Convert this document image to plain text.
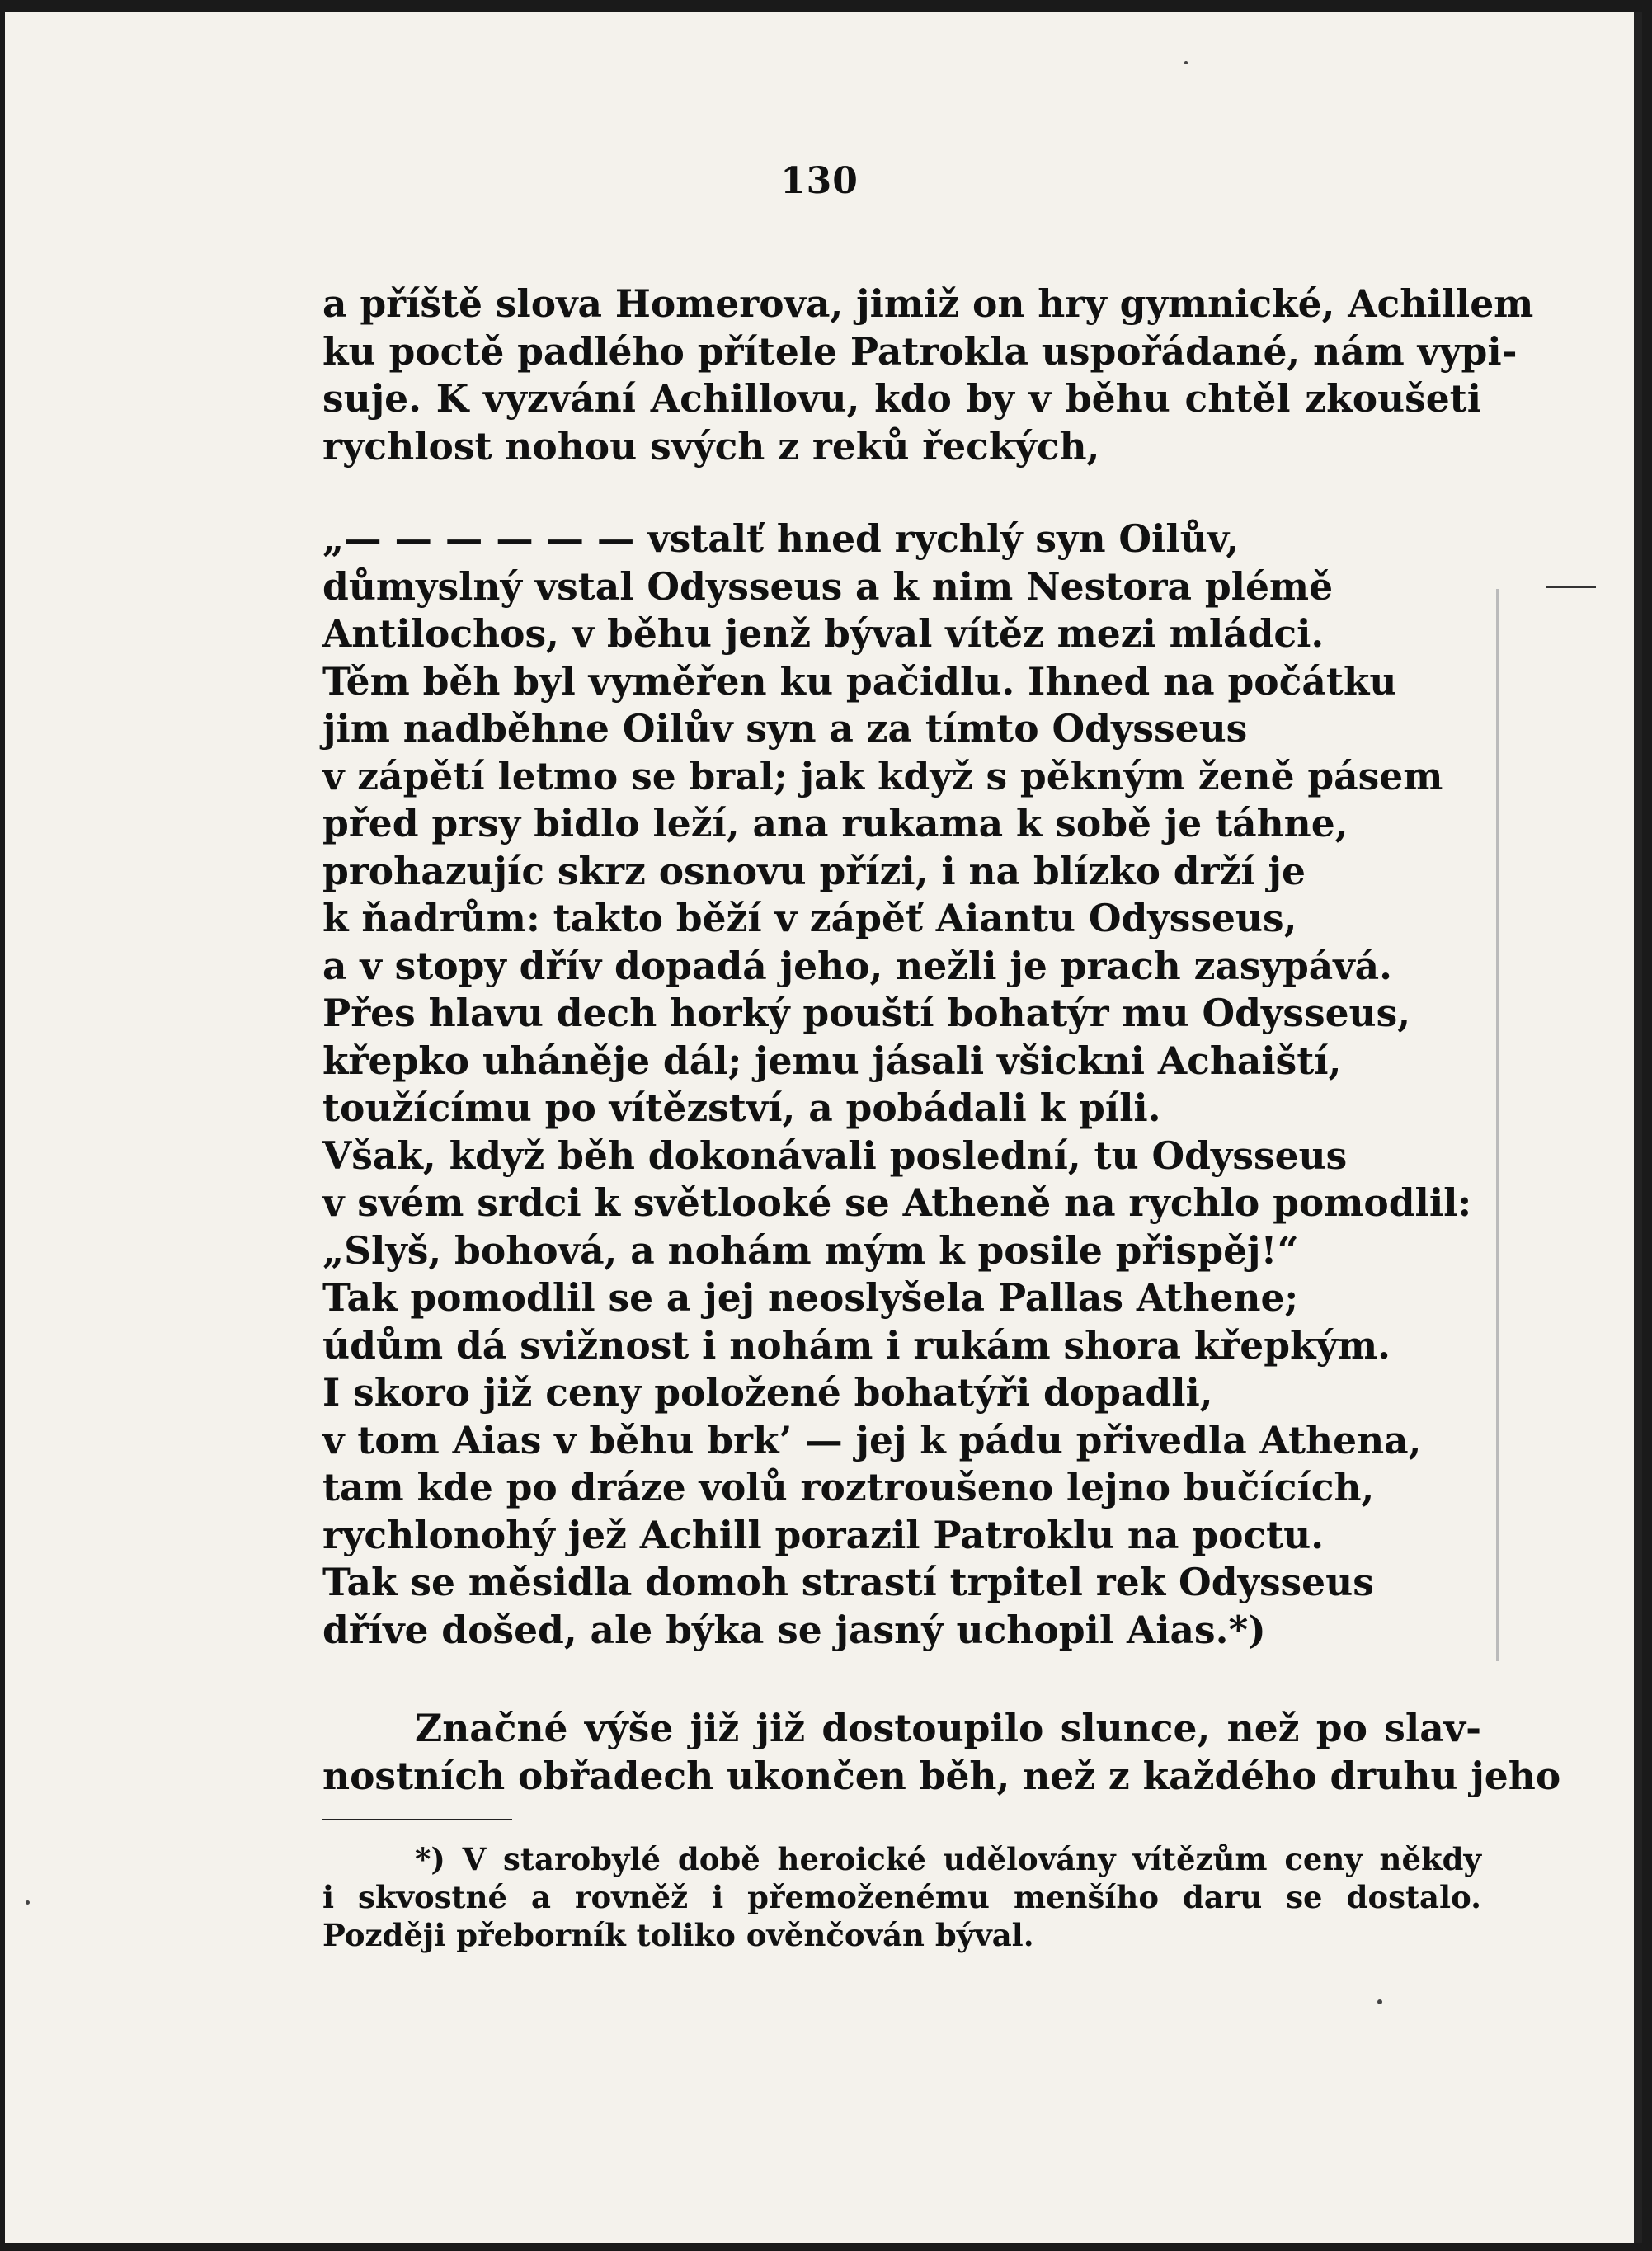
130
a příště slova Homerova, jimiž on hry gymnické, Achillem
ku poctě padlého přítele Patrokla uspořádané, nám vypi-
suje. K vyzvání Achillovu, kdo by v běhu chtěl zkoušeti
rychlost nohou svých z reků řeckých,
„— — — — — — vstalť hned rychlý syn Oilův,
důmyslný vstal Odysseus a k nim Nestora plémě
Antilochos, v běhu jenž býval vítěz mezi mládci.
Těm běh byl vyměřen ku pačidlu. Ihned na počátku
jim nadběhne Oilův syn a za tímto Odysseus
v zápětí letmo se bral; jak když s pěkným ženě pásem
před prsy bidlo leží, ana rukama k sobě je táhne,
prohazujíc skrz osnovu přízi, i na blízko drží je
k ňadrům: takto běží v zápěť Aiantu Odysseus,
a v stopy dřív dopadá jeho, nežli je prach zasypává.
Přes hlavu dech horký pouští bohatýr mu Odysseus,
křepko uháněje dál; jemu jásali všickni Achaiští,
toužícímu po vítězství, a pobádali k píli.
Však, když běh dokonávali poslední, tu Odysseus
v svém srdci k světlooké se Atheně na rychlo pomodlil:
„Slyš, bohová, a nohám mým k posile přispěj!“
Tak pomodlil se a jej neoslyšela Pallas Athene;
údům dá svižnost i nohám i rukám shora křepkým.
I skoro již ceny položené bohatýři dopadli,
v tom Aias v běhu brk’ — jej k pádu přivedla Athena,
tam kde po dráze volů roztroušeno lejno bučících,
rychlonohý jež Achill porazil Patroklu na poctu.
Tak se měsidla domoh strastí trpitel rek Odysseus
dříve došed, ale býka se jasný uchopil Aias.*)
Značné výše již již dostoupilo slunce, než po slav-
nostních obřadech ukončen běh, než z každého druhu jeho
*) V starobylé době heroické udělovány vítězům ceny někdy
i skvostné a rovněž i přemoženému menšího daru se dostalo.
Později přeborník toliko ověnčován býval.
